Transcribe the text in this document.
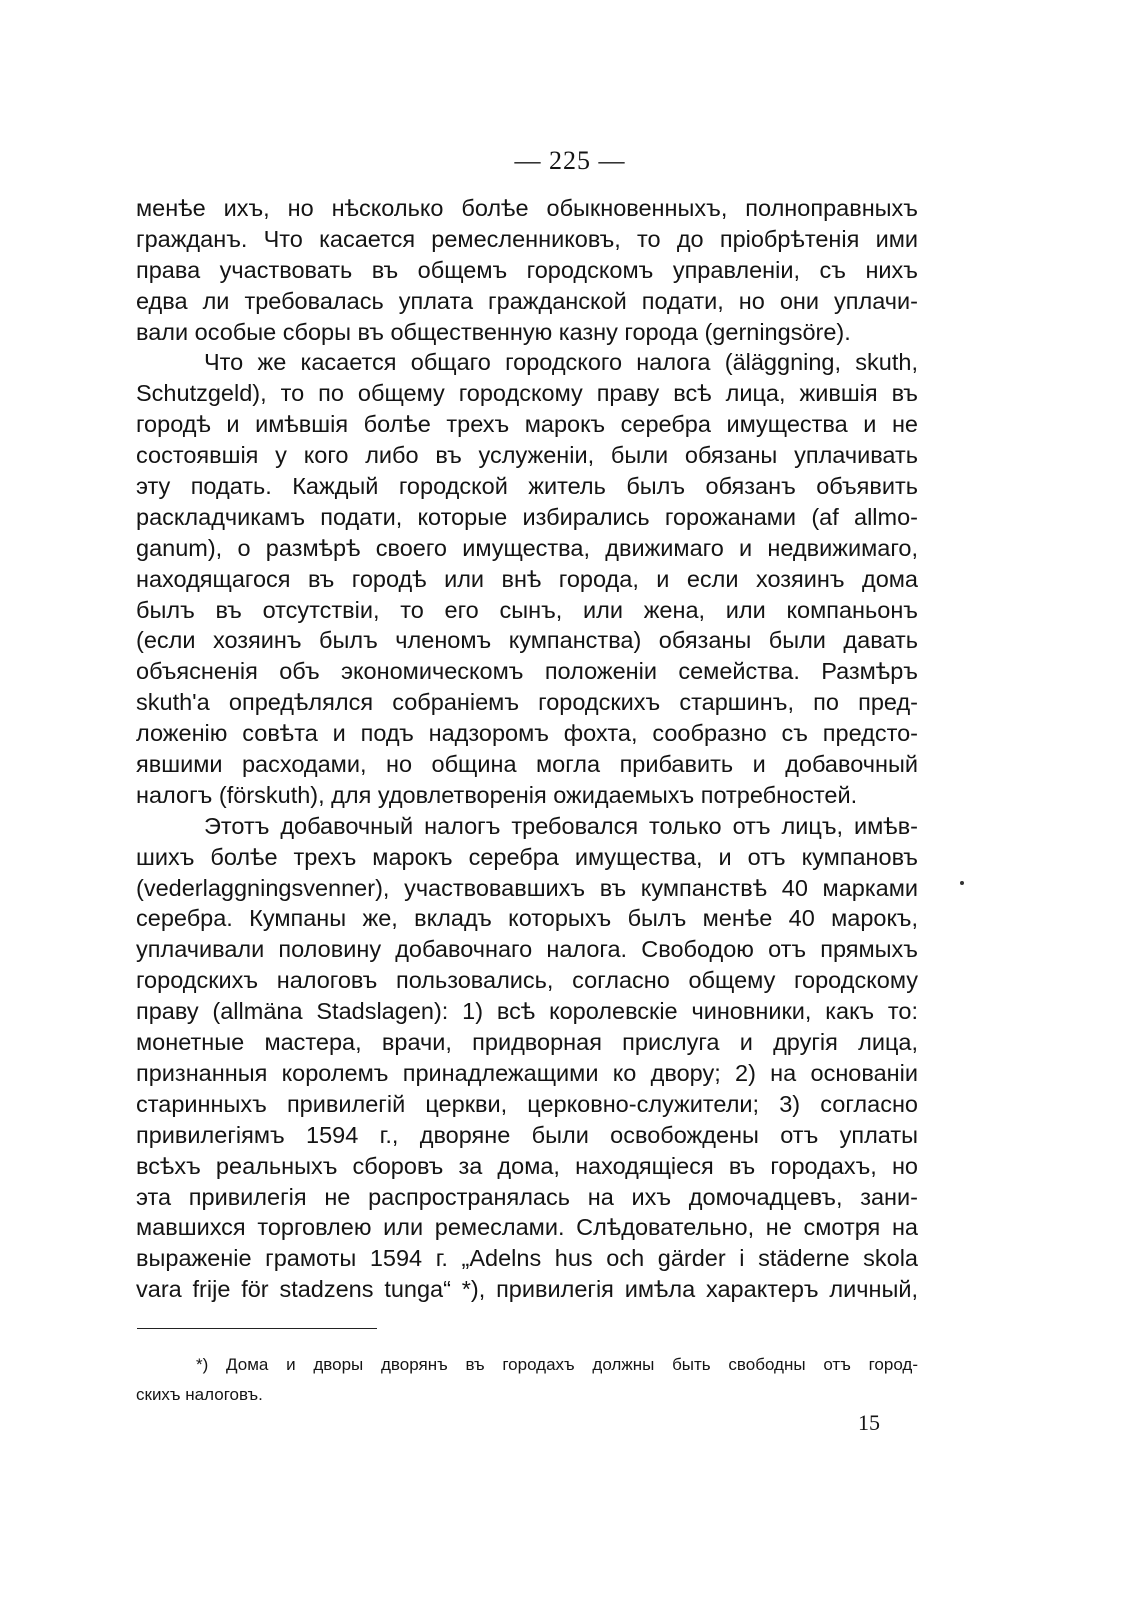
— 225 —
менѣе ихъ, но нѣсколько болѣе обыкновенныхъ, полноправныхъ
гражданъ. Что касается ремесленниковъ, то до пріобрѣтенія ими
права участвовать въ общемъ городскомъ управленіи, съ нихъ
едва ли требовалась уплата гражданской подати, но они уплачи-
вали особые сборы въ общественную казну города (gerningsöre).
Что же касается общаго городского налога (äläggning, skuth,
Schutzgeld), то по общему городскому праву всѣ лица, жившія въ
городѣ и имѣвшія болѣе трехъ марокъ серебра имущества и не
состоявшія у кого либо въ услуженіи, были обязаны уплачивать
эту подать. Каждый городской житель былъ обязанъ объявить
раскладчикамъ подати, которые избирались горожанами (af allmo-
ganum), о размѣрѣ своего имущества, движимаго и недвижимаго,
находящагося въ городѣ или внѣ города, и если хозяинъ дома
былъ въ отсутствіи, то его сынъ, или жена, или компаньонъ
(если хозяинъ былъ членомъ кумпанства) обязаны были давать
объясненія объ экономическомъ положеніи семейства. Размѣръ
skuth'а опредѣлялся собраніемъ городскихъ старшинъ, по пред-
ложенію совѣта и подъ надзоромъ фохта, сообразно съ предсто-
явшими расходами, но община могла прибавить и добавочный
налогъ (förskuth), для удовлетворенія ожидаемыхъ потребностей.
Этотъ добавочный налогъ требовался только отъ лицъ, имѣв-
шихъ болѣе трехъ марокъ серебра имущества, и отъ кумпановъ
(vederlaggningsvenner), участвовавшихъ въ кумпанствѣ 40 марками
серебра. Кумпаны же, вкладъ которыхъ былъ менѣе 40 марокъ,
уплачивали половину добавочнаго налога. Свободою отъ прямыхъ
городскихъ налоговъ пользовались, согласно общему городскому
праву (allmäna Stadslagen): 1) всѣ королевскіе чиновники, какъ то:
монетные мастера, врачи, придворная прислуга и другія лица,
признанныя королемъ принадлежащими ко двору; 2) на основаніи
старинныхъ привилегій церкви, церковно-служители; 3) согласно
привилегіямъ 1594 г., дворяне были освобождены отъ уплаты
всѣхъ реальныхъ сборовъ за дома, находящіеся въ городахъ, но
эта привилегія не распространялась на ихъ домочадцевъ, зани-
мавшихся торговлею или ремеслами. Слѣдовательно, не смотря на
выраженіе грамоты 1594 г. „Adelns hus och gärder i städerne skola
vara frije för stadzens tunga“ *), привилегія имѣла характеръ личный,
*) Дома и дворы дворянъ въ городахъ должны быть свободны отъ город-
скихъ налоговъ.
15
